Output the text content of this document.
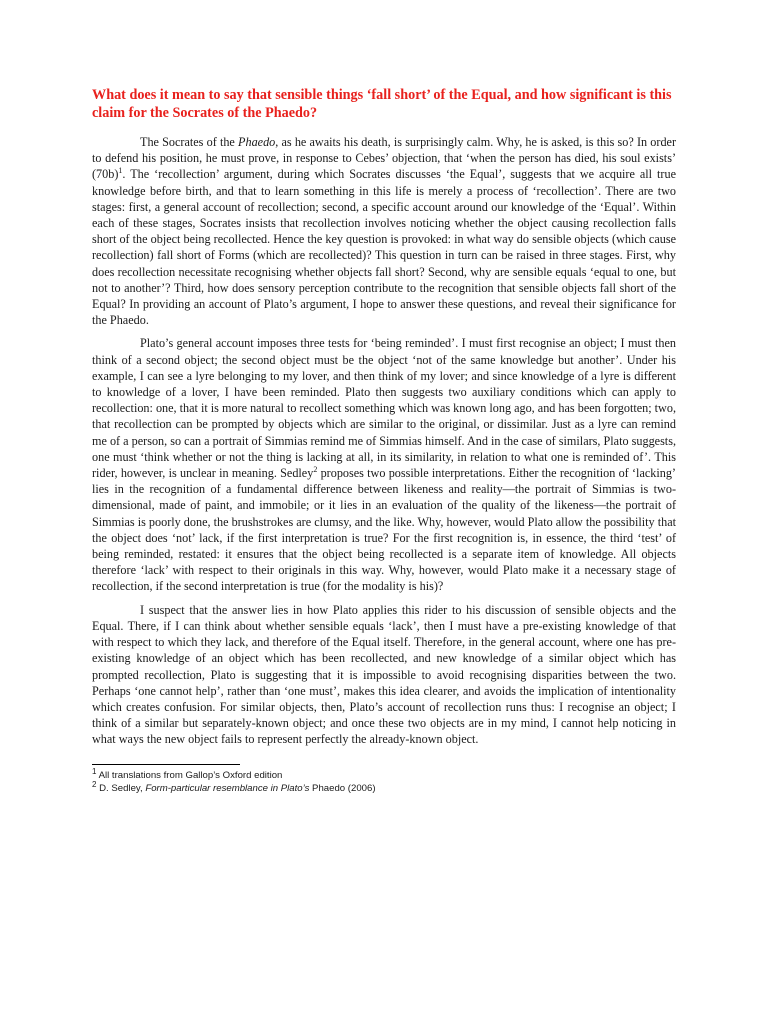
What does it mean to say that sensible things ‘fall short’ of the Equal, and how significant is this claim for the Socrates of the Phaedo?

The Socrates of the Phaedo, as he awaits his death, is surprisingly calm. Why, he is asked, is this so? In order to defend his position, he must prove, in response to Cebes’ objection, that ‘when the person has died, his soul exists’ $(70b)^1$. The ‘recollection’ argument, during which Socrates discusses ‘the Equal’, suggests that we acquire all true knowledge before birth, and that to learn something in this life is merely a process of ‘recollection’. There are two stages: first, a general account of recollection; second, a specific account around our knowledge of the ‘Equal’. Within each of these stages, Socrates insists that recollection involves noticing whether the object causing recollection falls short of the object being recollected. Hence the key question is provoked: in what way do sensible objects (which cause recollection) fall short of Forms (which are recollected)? This question in turn can be raised in three stages. First, why does recollection necessitate recognising whether objects fall short? Second, why are sensible equals ‘equal to one, but not to another’? Third, how does sensory perception contribute to the recognition that sensible objects fall short of the Equal? In providing an account of Plato’s argument, I hope to answer these questions, and reveal their significance for the Phaedo.

Plato’s general account imposes three tests for ‘being reminded’. I must first recognise an object; I must then think of a second object; the second object must be the object ‘not of the same knowledge but another’. Under his example, I can see a lyre belonging to my lover, and then think of my lover; and since knowledge of a lyre is different to knowledge of a lover, I have been reminded. Plato then suggests two auxiliary conditions which can apply to recollection: one, that it is more natural to recollect something which was known long ago, and has been forgotten; two, that recollection can be prompted by objects which are similar to the original, or dissimilar. Just as a lyre can remind me of a person, so can a portrait of Simmias remind me of Simmias himself. And in the case of similars, Plato suggests, one must ‘think whether or not the thing is lacking at all, in its similarity, in relation to what one is reminded of’. This rider, however, is unclear in meaning. Sedley$^2$ proposes two possible interpretations. Either the recognition of ‘lacking’ lies in the recognition of a fundamental difference between likeness and reality—the portrait of Simmias is two-dimensional, made of paint, and immobile; or it lies in an evaluation of the quality of the likeness—the portrait of Simmias is poorly done, the brushstrokes are clumsy, and the like. Why, however, would Plato allow the possibility that the object does ‘not’ lack, if the first interpretation is true? For the first recognition is, in essence, the third ‘test’ of being reminded, restated: it ensures that the object being recollected is a separate item of knowledge. All objects therefore ‘lack’ with respect to their originals in this way. Why, however, would Plato make it a necessary stage of recollection, if the second interpretation is true (for the modality is his)?

I suspect that the answer lies in how Plato applies this rider to his discussion of sensible objects and the Equal. There, if I can think about whether sensible equals ‘lack’, then I must have a pre-existing knowledge of that with respect to which they lack, and therefore of the Equal itself. Therefore, in the general account, where one has pre-existing knowledge of an object which has been recollected, and new knowledge of a similar object which has prompted recollection, Plato is suggesting that it is impossible to avoid recognising disparities between the two. Perhaps ‘one cannot help’, rather than ‘one must’, makes this idea clearer, and avoids the implication of intentionality which creates confusion. For similar objects, then, Plato’s account of recollection runs thus: I recognise an object; I think of a similar but separately-known object; and once these two objects are in my mind, I cannot help noticing in what ways the new object fails to represent perfectly the already-known object.

$^1$ All translations from Gallop’s Oxford edition

$^2$ D. Sedley, Form-particular resemblance in Plato’s Phaedo (2006)
